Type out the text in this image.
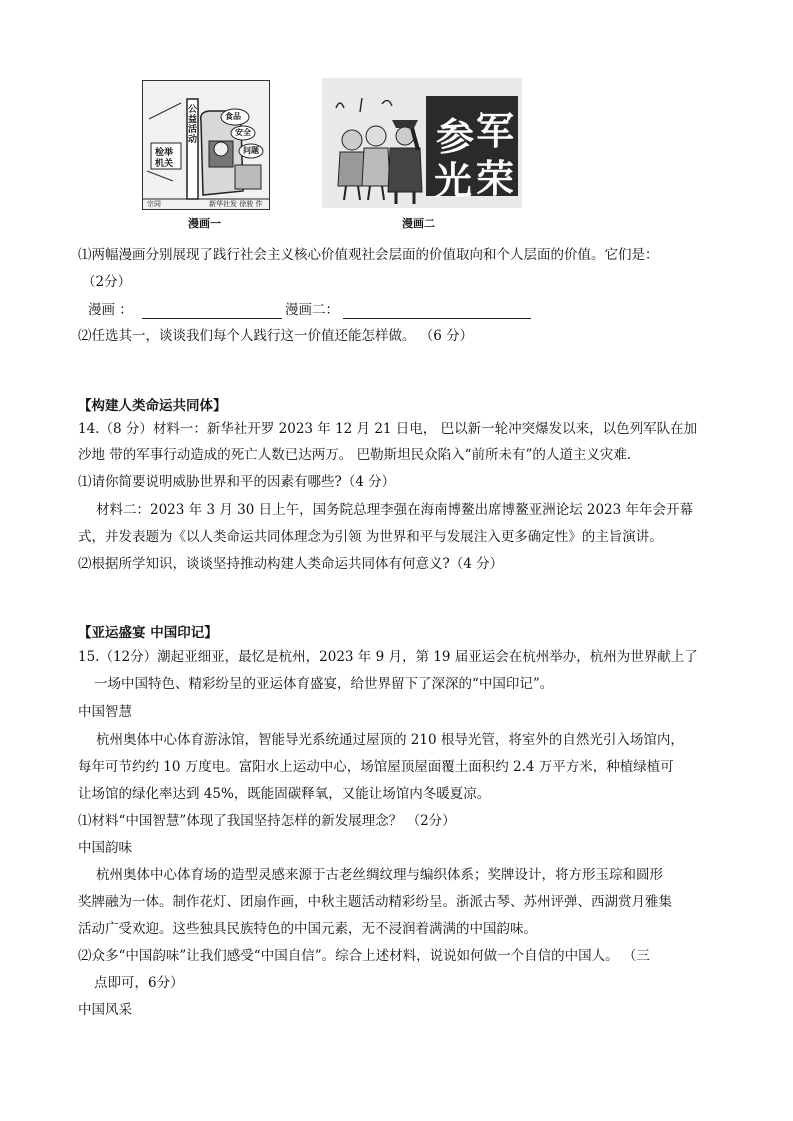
公益活动
食品
安全
问题
检举
机关
宗同	新华社发 徐骏 作
漫画一
参 军
光 荣
漫画二
⑴两幅漫画分别展现了践行社会主义核心价值观社会层面的价值取向和个人层面的价值。它们是：
（2分）
漫画 ：	漫画二：
⑵任选其一，谈谈我们每个人践行这一价值还能怎样做。 （6 分）
【构建人类命运共同体】
14.（8 分）材料一：新华社开罗 2023 年 12 月 21 日电， 巴以新一轮冲突爆发以来，以色列军队在加
沙地 带的军事行动造成的死亡人数已达两万。 巴勒斯坦民众陷入“前所未有”的人道主义灾难.
⑴请你简要说明威胁世界和平的因素有哪些?（4 分）
材料二：2023 年 3 月 30 日上午，国务院总理李强在海南博鳌出席博鳌亚洲论坛 2023 年年会开幕
式，并发表题为《以人类命运共同体理念为引领 为世界和平与发展注入更多确定性》的主旨演讲。
⑵根据所学知识，谈谈坚持推动构建人类命运共同体有何意义?（4 分）
【亚运盛宴 中国印记】
15.（12分）潮起亚细亚，最忆是杭州，2023 年 9 月，第 19 届亚运会在杭州举办，杭州为世界献上了
一场中国特色、精彩纷呈的亚运体育盛宴，给世界留下了深深的“中国印记”。
中国智慧
杭州奥体中心体育游泳馆，智能导光系统通过屋顶的 210 根导光管，将室外的自然光引入场馆内，
每年可节约约 10 万度电。富阳水上运动中心，场馆屋顶屋面覆土面积约 2.4 万平方米，种植绿植可
让场馆的绿化率达到 45%，既能固碳释氧，又能让场馆内冬暖夏凉。
⑴材料“中国智慧”体现了我国坚持怎样的新发展理念？ （2分）
中国韵味
杭州奥体中心体育场的造型灵感来源于古老丝绸纹理与编织体系；奖牌设计，将方形玉琮和圆形
奖牌融为一体。制作花灯、团扇作画，中秋主题活动精彩纷呈。浙派古琴、苏州评弹、西湖赏月雅集
活动广受欢迎。这些独具民族特色的中国元素，无不浸润着满满的中国韵味。
⑵众多“中国韵味”让我们感受“中国自信”。综合上述材料，说说如何做一个自信的中国人。 （三
点即可，6分）
中国风采
